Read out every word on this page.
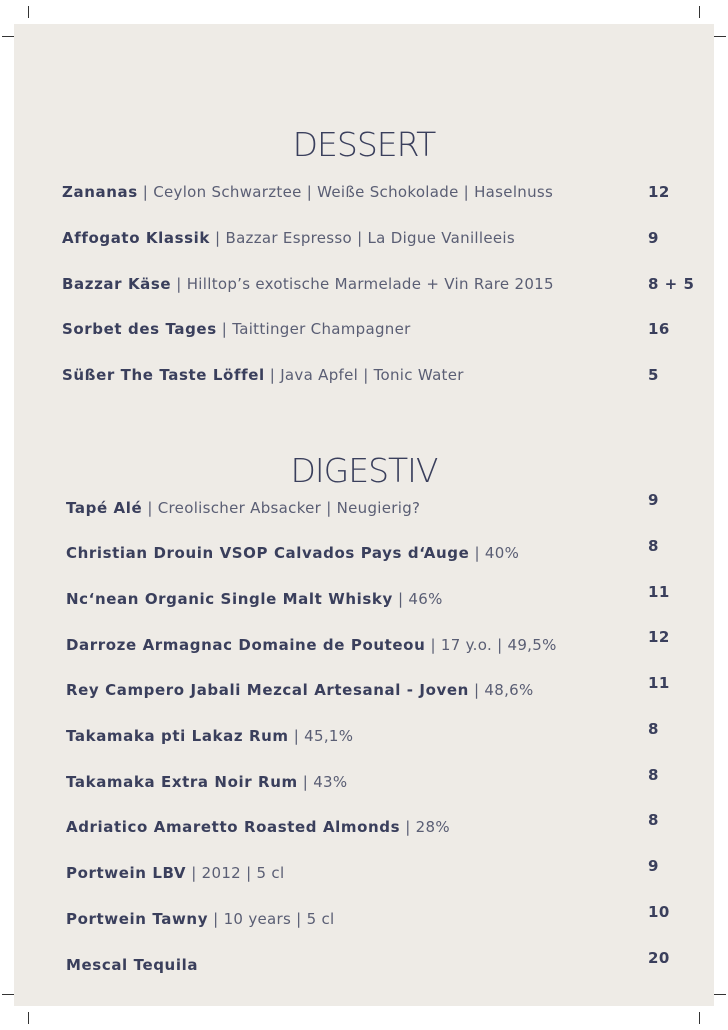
DESSERT
Zananas | Ceylon Schwarztee | Weiße Schokolade | Haselnuss	12
Affogato Klassik | Bazzar Espresso | La Digue Vanilleeis	9
Bazzar Käse | Hilltop’s exotische Marmelade + Vin Rare 2015	8 + 5
Sorbet des Tages | Taittinger Champagner	16
Süßer The Taste Löffel | Java Apfel | Tonic Water	5
DIGESTIV
Tapé Alé | Creolischer Absacker | Neugierig?	9
Christian Drouin VSOP Calvados Pays d‘Auge | 40%	8
Nc‘nean Organic Single Malt Whisky | 46%	11
Darroze Armagnac Domaine de Pouteou | 17 y.o. | 49,5%	12
Rey Campero Jabali Mezcal Artesanal - Joven | 48,6%	11
Takamaka pti Lakaz Rum | 45,1%	8
Takamaka Extra Noir Rum | 43%	8
Adriatico Amaretto Roasted Almonds | 28%	8
Portwein LBV | 2012 | 5 cl	9
Portwein Tawny | 10 years | 5 cl	10
Mescal Tequila	20
